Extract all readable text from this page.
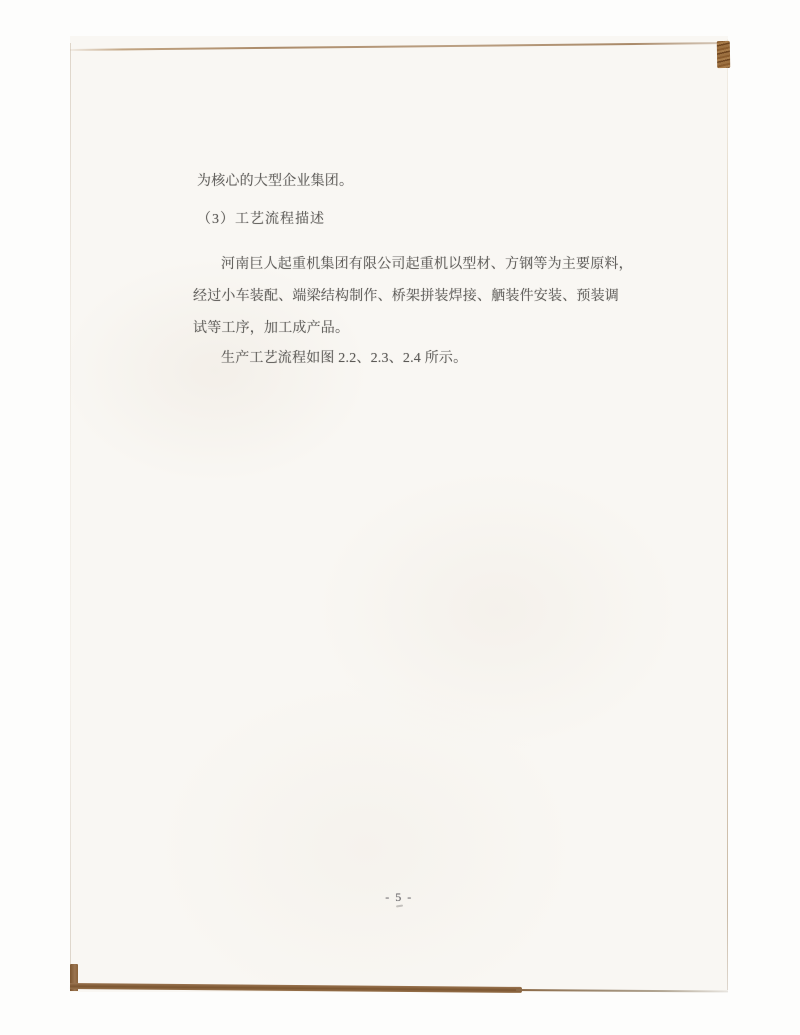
为核心的大型企业集团。
（3）工艺流程描述
河南巨人起重机集团有限公司起重机以型材、方钢等为主要原料，
经过小车装配、端梁结构制作、桥架拼装焊接、舾装件安装、预装调
试等工序，加工成产品。
生产工艺流程如图 2.2、2.3、2.4 所示。
- 5 -
